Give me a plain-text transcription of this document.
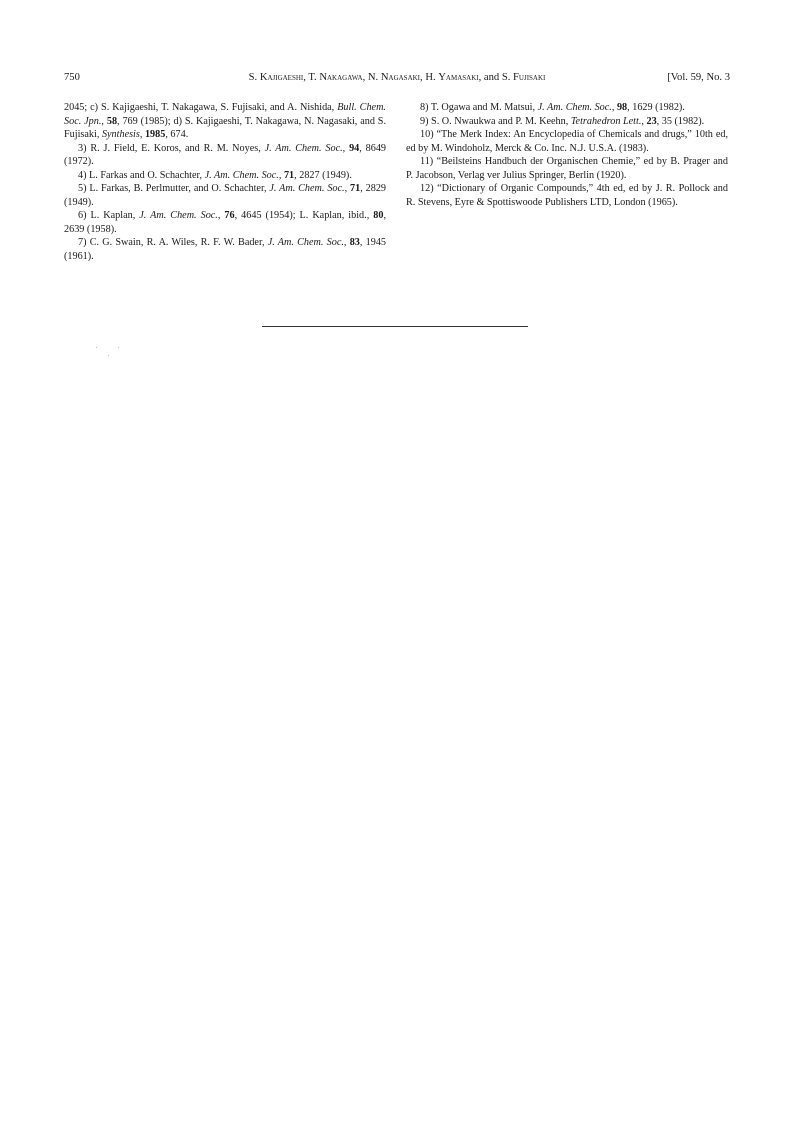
750	S. Kajigaeshi, T. Nakagawa, N. Nagasaki, H. Yamasaki, and S. Fujisaki	[Vol. 59, No. 3

2045; c) S. Kajigaeshi, T. Nakagawa, S. Fujisaki, and A. Nishida, Bull. Chem. Soc. Jpn., 58, 769 (1985); d) S. Kajigaeshi, T. Nakagawa, N. Nagasaki, and S. Fujisaki, Synthesis, 1985, 674.

3) R. J. Field, E. Koros, and R. M. Noyes, J. Am. Chem. Soc., 94, 8649 (1972).

4) L. Farkas and O. Schachter, J. Am. Chem. Soc., 71, 2827 (1949).

5) L. Farkas, B. Perlmutter, and O. Schachter, J. Am. Chem. Soc., 71, 2829 (1949).

6) L. Kaplan, J. Am. Chem. Soc., 76, 4645 (1954); L. Kaplan, ibid., 80, 2639 (1958).

7) C. G. Swain, R. A. Wiles, R. F. W. Bader, J. Am. Chem. Soc., 83, 1945 (1961).

8) T. Ogawa and M. Matsui, J. Am. Chem. Soc., 98, 1629 (1982).

9) S. O. Nwaukwa and P. M. Keehn, Tetrahedron Lett., 23, 35 (1982).

10) “The Merk Index: An Encyclopedia of Chemicals and drugs,” 10th ed, ed by M. Windoholz, Merck & Co. Inc. N.J. U.S.A. (1983).

11) “Beilsteins Handbuch der Organischen Chemie,” ed by B. Prager and P. Jacobson, Verlag ver Julius Springer, Berlin (1920).

12) “Dictionary of Organic Compounds,” 4th ed, ed by J. R. Pollock and R. Stevens, Eyre & Spottiswoode Publishers LTD, London (1965).
